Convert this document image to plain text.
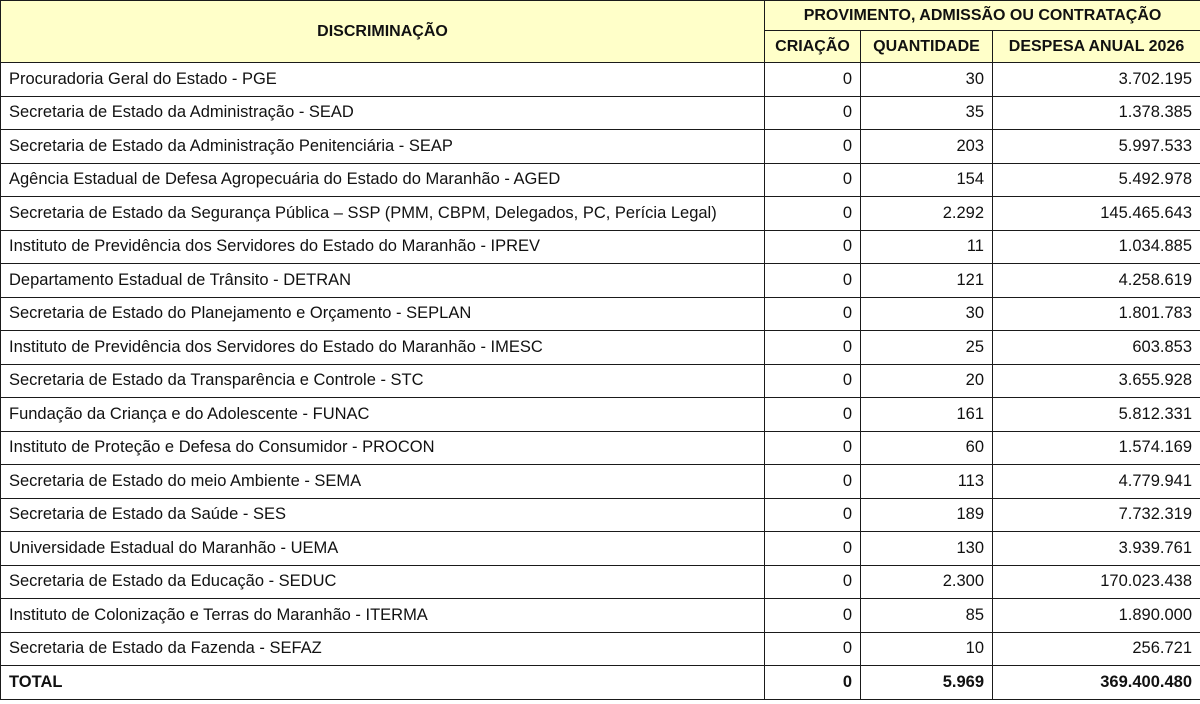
DISCRIMINAÇÃO	PROVIMENTO, ADMISSÃO OU CONTRATAÇÃO		
	CRIAÇÃO	QUANTIDADE	DESPESA ANUAL 2026
Procuradoria Geral do Estado - PGE	0	30	3.702.195
Secretaria de Estado da Administração - SEAD	0	35	1.378.385
Secretaria de Estado da Administração Penitenciária - SEAP	0	203	5.997.533
Agência Estadual de Defesa Agropecuária do Estado do Maranhão - AGED	0	154	5.492.978
Secretaria de Estado da Segurança Pública – SSP (PMM, CBPM, Delegados, PC, Perícia Legal)	0	2.292	145.465.643
Instituto de Previdência dos Servidores do Estado do Maranhão - IPREV	0	11	1.034.885
Departamento Estadual de Trânsito - DETRAN	0	121	4.258.619
Secretaria de Estado do Planejamento e Orçamento - SEPLAN	0	30	1.801.783
Instituto de Previdência dos Servidores do Estado do Maranhão - IMESC	0	25	603.853
Secretaria de Estado da Transparência e Controle - STC	0	20	3.655.928
Fundação da Criança e do Adolescente - FUNAC	0	161	5.812.331
Instituto de Proteção e Defesa do Consumidor - PROCON	0	60	1.574.169
Secretaria de Estado do meio Ambiente - SEMA	0	113	4.779.941
Secretaria de Estado da Saúde - SES	0	189	7.732.319
Universidade Estadual do Maranhão - UEMA	0	130	3.939.761
Secretaria de Estado da Educação - SEDUC	0	2.300	170.023.438
Instituto de Colonização e Terras do Maranhão - ITERMA	0	85	1.890.000
Secretaria de Estado da Fazenda - SEFAZ	0	10	256.721
TOTAL	0	5.969	369.400.480
